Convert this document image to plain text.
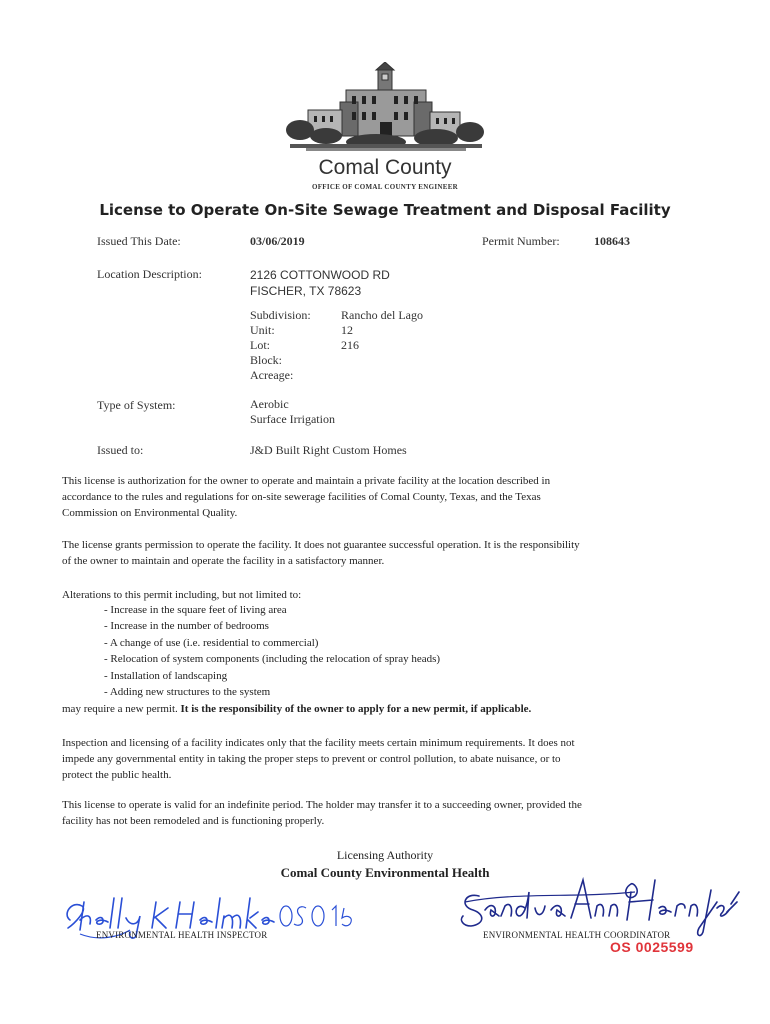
Comal County
OFFICE OF COMAL COUNTY ENGINEER
License to Operate On-Site Sewage Treatment and Disposal Facility
Issued This Date:	03/06/2019	Permit Number:	108643
Location Description:	2126 COTTONWOOD RD
FISCHER, TX 78623
Subdivision:	Rancho del Lago
Unit:	12
Lot:	216
Block:
Acreage:
Type of System:	Aerobic
Surface Irrigation
Issued to:	J&D Built Right Custom Homes
This license is authorization for the owner to operate and maintain a private facility at the location described in
accordance to the rules and regulations for on-site sewerage facilities of Comal County, Texas, and the Texas
Commission on Environmental Quality.
The license grants permission to operate the facility. It does not guarantee successful operation. It is the responsibility
of the owner to maintain and operate the facility in a satisfactory manner.
Alterations to this permit including, but not limited to:
- Increase in the square feet of living area
- Increase in the number of bedrooms
- A change of use (i.e. residential to commercial)
- Relocation of system components (including the relocation of spray heads)
- Installation of landscaping
- Adding new structures to the system
may require a new permit. It is the responsibility of the owner to apply for a new permit, if applicable.
Inspection and licensing of a facility indicates only that the facility meets certain minimum requirements. It does not
impede any governmental entity in taking the proper steps to prevent or control pollution, to abate nuisance, or to
protect the public health.
This license to operate is valid for an indefinite period. The holder may transfer it to a succeeding owner, provided the
facility has not been remodeled and is functioning properly.
Licensing Authority
Comal County Environmental Health
ENVIRONMENTAL HEALTH INSPECTOR	ENVIRONMENTAL HEALTH COORDINATOR
OS 0025599
